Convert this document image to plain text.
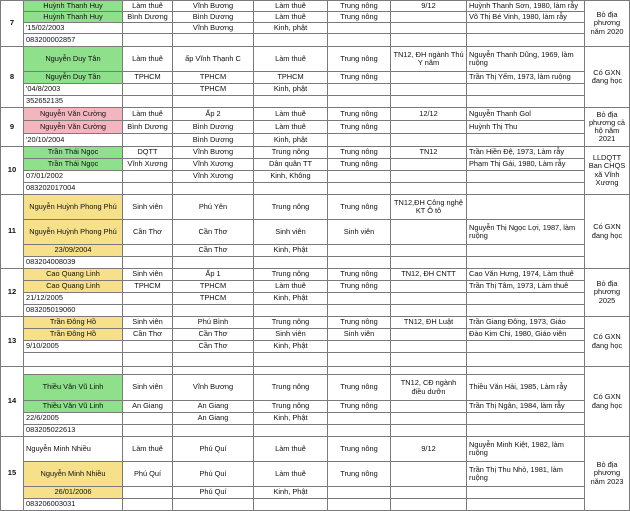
7	Huỳnh Thanh Huy	Làm thuê	Vĩnh Bương	Làm thuê	Trung nông	9/12	Huỳnh Thanh Sơn, 1980, làm rẫy	Bỏ địa phương năm 2020
	Huỳnh Thanh Huy	Bình Dương	Bình Dương	Làm thuê	Trung nông		Võ Thị Bé Vinh, 1980, làm rẫy	
	'15/02/2003		Vĩnh Bương	Kinh, phật				
	083200002857							
8	Nguyễn Duy Tân	Làm thuê	ấp Vĩnh Thạnh C	Làm thuê	Trung nông	TN12, ĐH ngành Thú Y năm	Nguyễn Thanh Dũng, 1969, làm ruộng	Có GXN đang học
	Nguyễn Duy Tân	TPHCM	TPHCM	TPHCM	Trung nông		Trần Thị Yếm, 1973, làm ruộng	
	'04/8/2003		TPHCM	Kinh, phật				
	352652135							
9	Nguyễn Văn Cường	Làm thuê	Ấp 2	Làm thuê	Trung nông	12/12	Nguyễn Thanh Gol	Bỏ địa phương cả hộ năm 2021
	Nguyễn Văn Cường	Bình Dương	Bình Dương	Làm thuê	Trung nông		Huỳnh Thị Thu	
	'20/10/2004		Bình Dương	Kinh, phật				
10	Trần Thái Ngọc	DQTT	Vĩnh Bương	Trung nông	Trung nông	TN12	Trần Hiền Đệ, 1973, Làm rẫy	LLDQTT Ban CHQS xã Vĩnh Xương
	Trần Thái Ngọc	Vĩnh Xương	Vĩnh Xương	Dân quân TT	Trung nông		Phạm Thị Gái, 1980, Làm rẫy	
	07/01/2002		Vĩnh Xương	Kinh, Không				
	083202017004							
11	Nguyễn Huỳnh Phong Phú	Sinh viên	Phú Yên	Trung nông	Trung nông	TN12,ĐH Công nghệ KT Ô tô		Có GXN đang học
	Nguyễn Huỳnh Phong Phú	Cần Thơ	Cần Thơ	Sinh viên	Sinh viên		Nguyễn Thị Ngọc Lợi, 1987, làm ruộng	
	23/09/2004		Cần Thơ	Kinh, Phật				
	083204008039							
12	Cao Quang Linh	Sinh viên	Ấp 1	Trung nông	Trung nông	TN12, ĐH CNTT	Cao Văn Hưng, 1974, Làm thuê	Bỏ địa phương 2025
	Cao Quang Linh	TPHCM	TPHCM	Làm thuê	Trung nông		Trần Thị Tâm, 1973, Làm thuê	
	21/12/2005		TPHCM	Kinh, Phật				
	083205019060							
13	Trần Đông Hồ	Sinh viên	Phú Bình	Trung nông	Trung nông	TN12, ĐH Luật	Trần Giang Đông, 1973, Giáo	Có GXN đang học
	Trần Đông Hồ	Cần Thơ	Cần Thơ	Sinh viên	Sinh viên		Đào Kim Chi, 1980, Giáo viên	
	9/10/2005		Cần Thơ	Kinh, Phật				

14								Có GXN đang học
	Thiều Văn Vũ Linh	Sinh viên	Vĩnh Bương	Trung nông	Trung nông	TN12, CĐ ngành điều dưỡn	Thiều Văn Hải, 1985, Làm rẫy	
	Thiều Văn Vũ Linh	An Giang	An Giang	Trung nông	Trung nông		Trần Thị Ngân, 1984, làm rẫy	
	22/6/2005		An Giang	Kinh, Phật				
	083205022613							
15	Nguyễn Minh Nhiều	Làm thuê	Phú Quí	Làm thuê	Trung nông	9/12	Nguyễn Minh Kiệt, 1982, làm ruộng	Bỏ địa phương năm 2023
	Nguyễn Minh Nhiều	Phú Quí	Phú Quí	Làm thuê	Trung nông		Trần Thị Thu Nhỏ, 1981, làm ruộng	
	26/01/2006		Phú Quí	Kinh, Phật				
	083206003031							
